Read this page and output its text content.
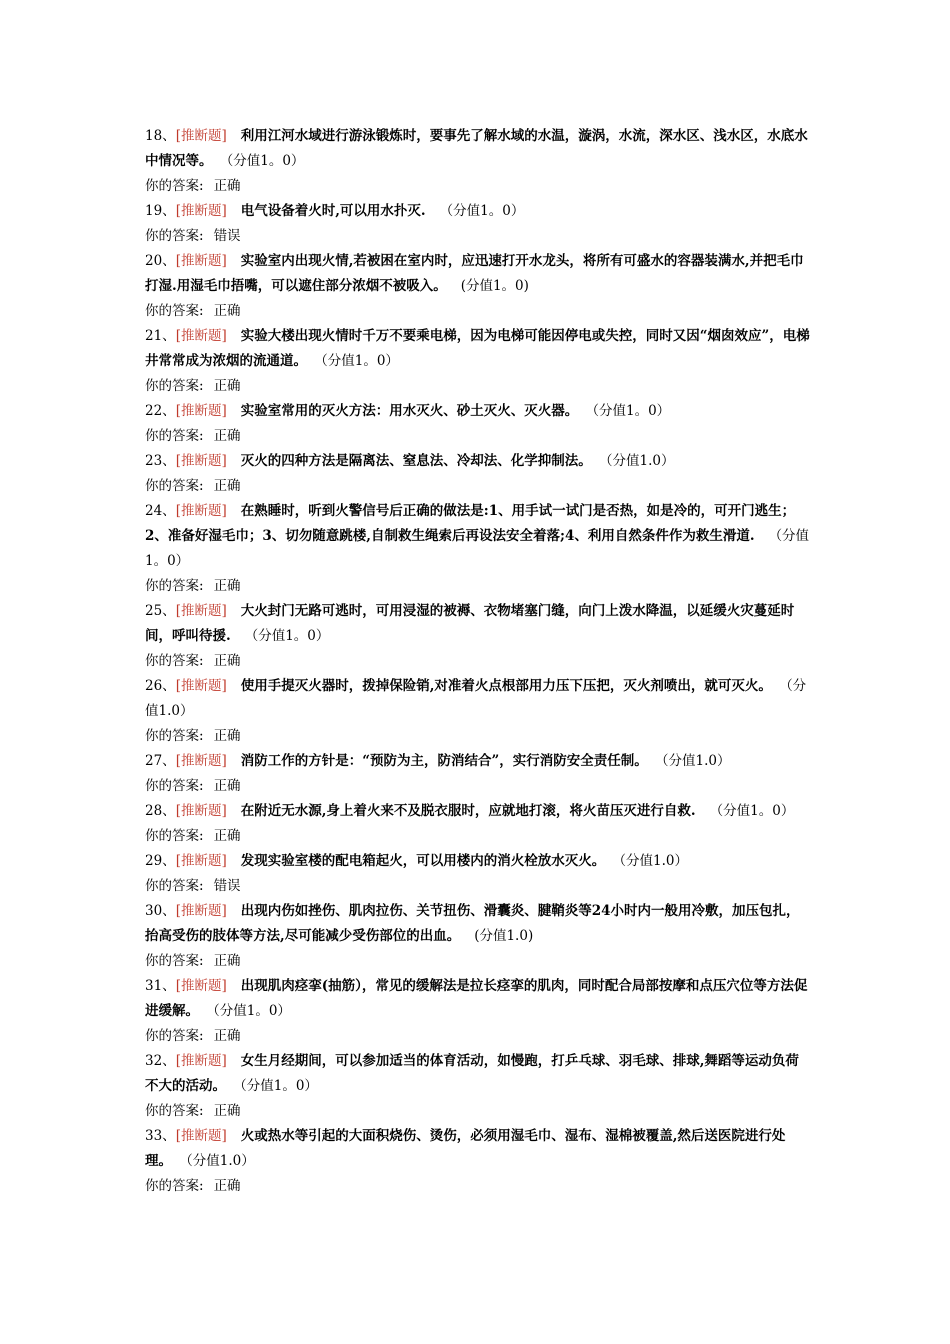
18、[推断题] 利用江河水域进行游泳锻炼时，要事先了解水域的水温，漩涡，水流，深水区、浅水区，水底水中情况等。 （分值1。0）
你的答案: 正确
19、[推断题] 电气设备着火时,可以用水扑灭. （分值1。0）
你的答案: 错误
20、[推断题] 实验室内出现火情,若被困在室内时，应迅速打开水龙头，将所有可盛水的容器装满水,并把毛巾打湿.用湿毛巾捂嘴，可以遮住部分浓烟不被吸入。 (分值1。0)
你的答案: 正确
21、[推断题] 实验大楼出现火情时千万不要乘电梯，因为电梯可能因停电或失控，同时又因“烟囱效应”，电梯井常常成为浓烟的流通道。 （分值1。0）
你的答案: 正确
22、[推断题] 实验室常用的灭火方法：用水灭火、砂土灭火、灭火器。 （分值1。0）
你的答案: 正确
23、[推断题] 灭火的四种方法是隔离法、窒息法、冷却法、化学抑制法。 （分值1.0）
你的答案: 正确
24、[推断题] 在熟睡时，听到火警信号后正确的做法是:1、用手试一试门是否热，如是冷的，可开门逃生；2、准备好湿毛巾；3、切勿随意跳楼,自制救生绳索后再设法安全着落;4、利用自然条件作为救生滑道. （分值1。0）
你的答案: 正确
25、[推断题] 大火封门无路可逃时，可用浸湿的被褥、衣物堵塞门缝，向门上泼水降温，以延缓火灾蔓延时间，呼叫待援. （分值1。0）
你的答案: 正确
26、[推断题] 使用手提灭火器时，拨掉保险销,对准着火点根部用力压下压把，灭火剂喷出，就可灭火。 （分值1.0）
你的答案: 正确
27、[推断题] 消防工作的方针是：“预防为主，防消结合”，实行消防安全责任制。 （分值1.0）
你的答案: 正确
28、[推断题] 在附近无水源,身上着火来不及脱衣服时，应就地打滚，将火苗压灭进行自救. （分值1。0）
你的答案: 正确
29、[推断题] 发现实验室楼的配电箱起火，可以用楼内的消火栓放水灭火。 （分值1.0）
你的答案: 错误
30、[推断题] 出现内伤如挫伤、肌肉拉伤、关节扭伤、滑囊炎、腱鞘炎等24小时内一般用冷敷，加压包扎，抬高受伤的肢体等方法,尽可能减少受伤部位的出血。 (分值1.0)
你的答案: 正确
31、[推断题] 出现肌肉痉挛(抽筋），常见的缓解法是拉长痉挛的肌肉，同时配合局部按摩和点压穴位等方法促进缓解。 （分值1。0）
你的答案: 正确
32、[推断题] 女生月经期间，可以参加适当的体育活动，如慢跑，打乒乓球、羽毛球、排球,舞蹈等运动负荷不大的活动。 （分值1。0）
你的答案: 正确
33、[推断题] 火或热水等引起的大面积烧伤、烫伤，必须用湿毛巾、湿布、湿棉被覆盖,然后送医院进行处理。 （分值1.0）
你的答案: 正确
